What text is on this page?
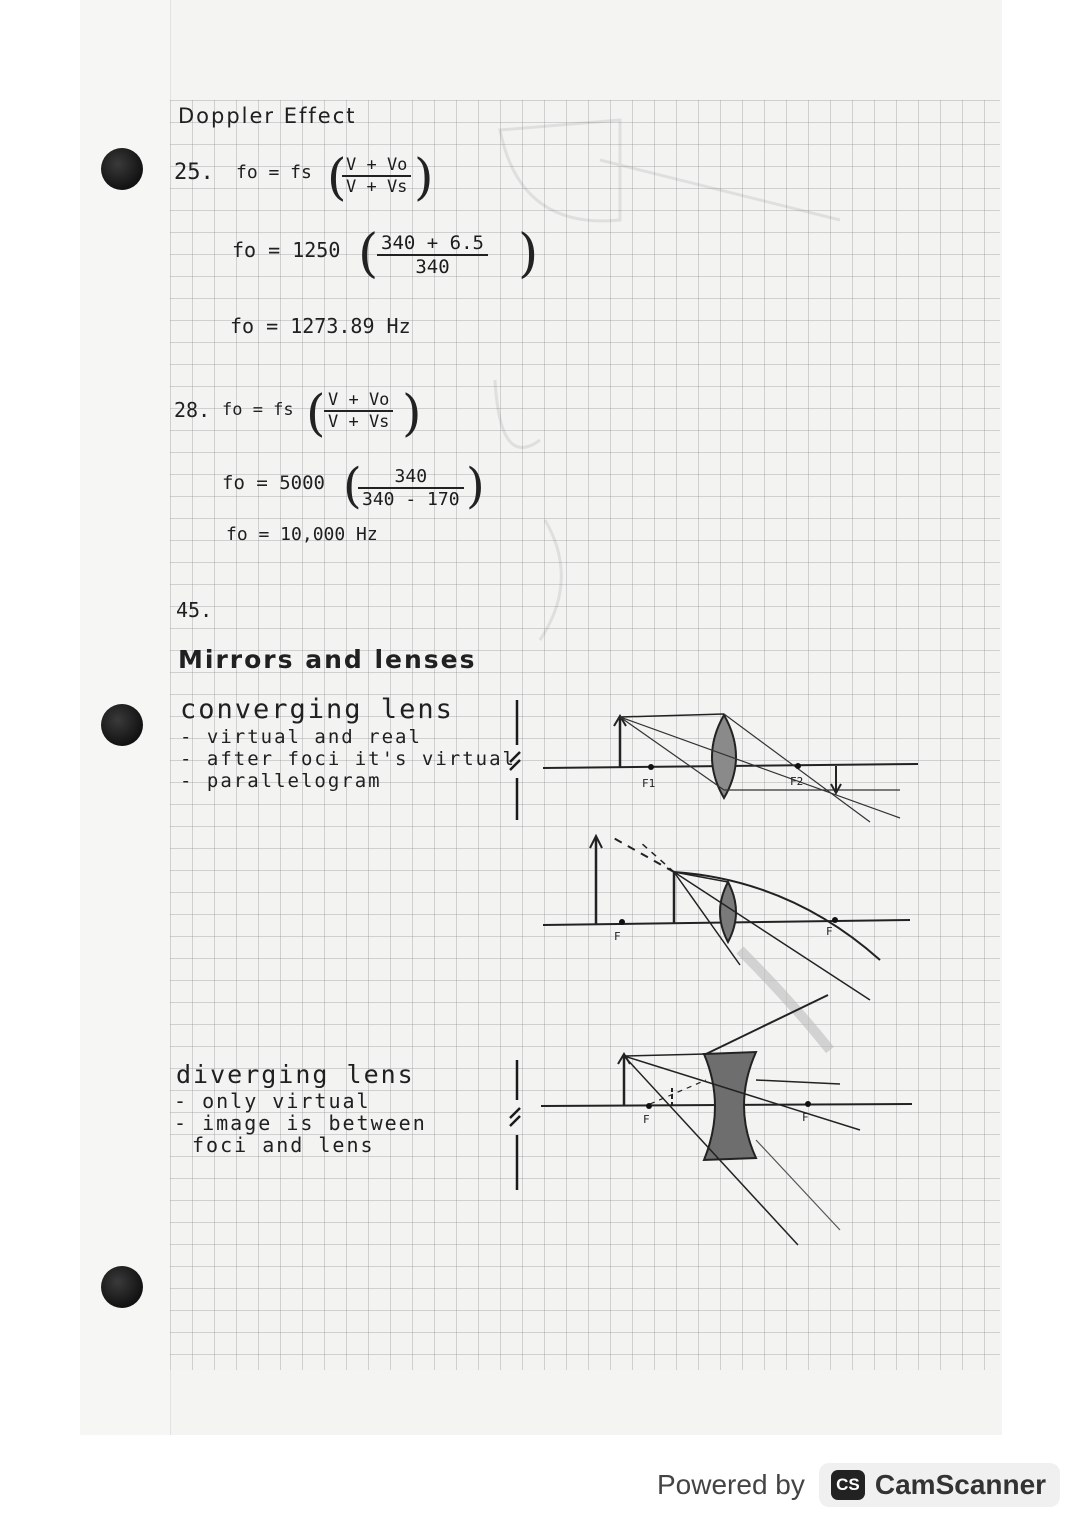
Doppler Effect
25. fo = fs (
$\frac{V + Vo}{V + Vs}$ )
fo = 1250 (
$\frac{340 + 6.5}{340}$ )
fo = 1273.89 Hz
28. fo = fs (
$\frac{V + Vo}{V + Vs}$ )
fo = 5000 (
$\frac{340}{340 - 170}$ )
fo = 10,000 Hz
45.
Mirrors and lenses
converging lens
- virtual and real
- after foci it's virtual
- parallelogram
diverging lens
- only virtual
- image is between
foci and lens
F1	F2
F	F
F	F
Powered by	CS CamScanner
